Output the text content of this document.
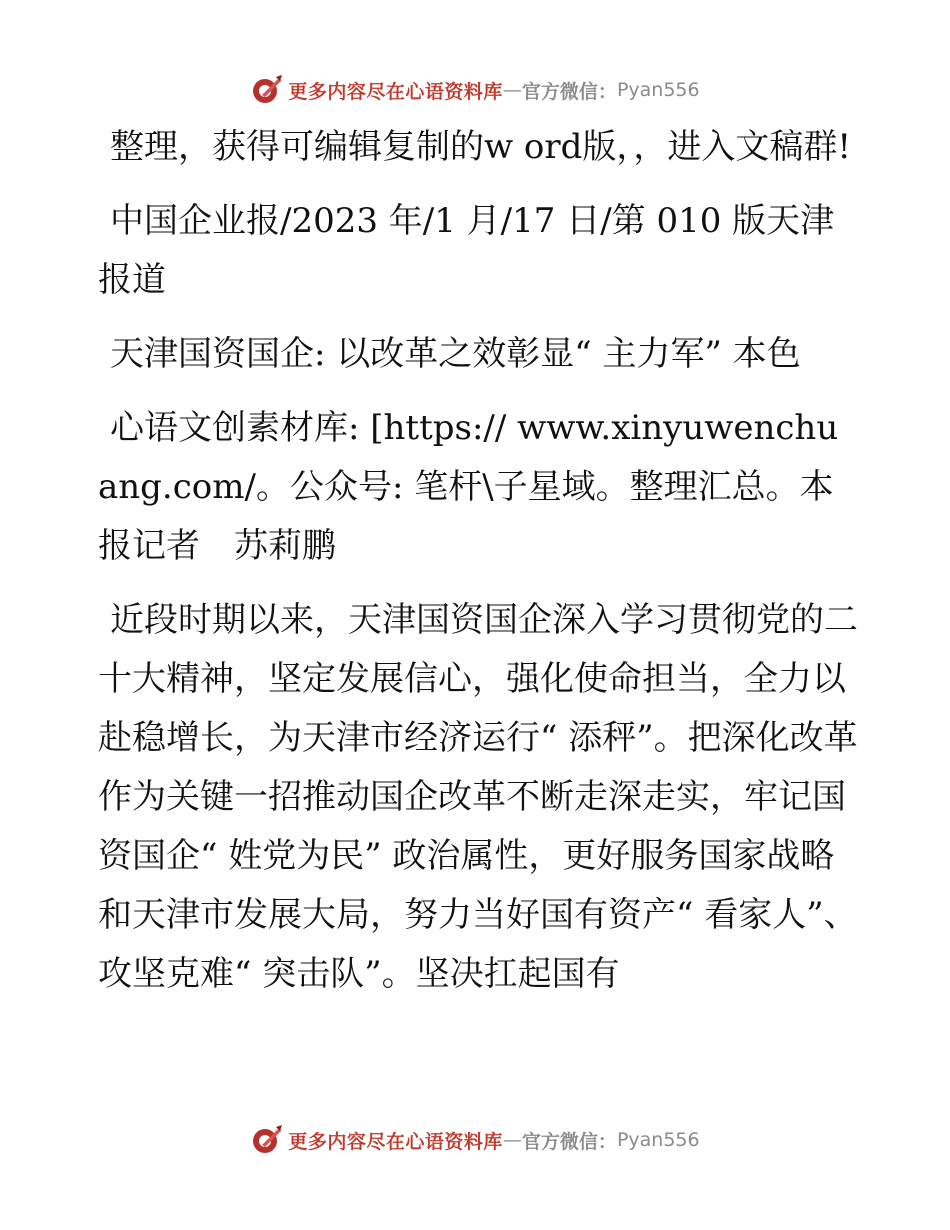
更多内容尽在心语资料库 — 官方微信： Pyan556

整理，获得可编辑复制的w ord版，，进入文稿群!

中国企业报/2023 年/1 月/17 日/第 010 版天津报道

天津国资国企: 以改革之效彰显“ 主力军” 本色

心语文创素材库: [https:// www.xinyuwenchuang.com/。公众号: 笔杆\子星域。整理汇总。本报记者　苏莉鹏

近段时期以来，天津国资国企深入学习贯彻党的二十大精神，坚定发展信心，强化使命担当，全力以赴稳增长，为天津市经济运行“ 添秤”。把深化改革作为关键一招推动国企改革不断走深走实，牢记国资国企“ 姓党为民” 政治属性，更好服务国家战略和天津市发展大局，努力当好国有资产“ 看家人”、攻坚克难“ 突击队”。坚决扛起国有

更多内容尽在心语资料库 — 官方微信： Pyan556
